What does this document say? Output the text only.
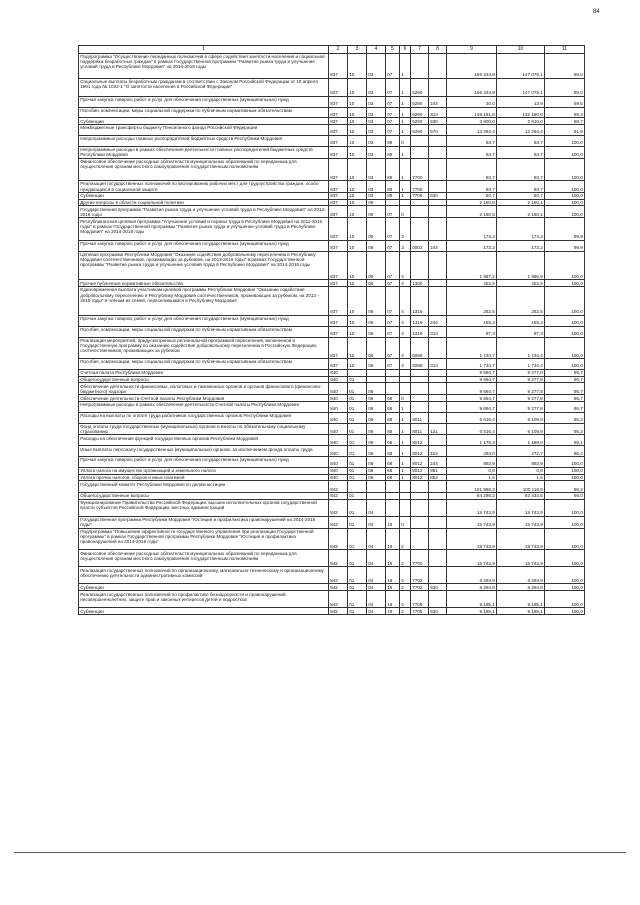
84
1	2	3	4	5	6	7	8	9	10	11
Подпрограмма "Осуществление переданных полномочий в сфере содействия занятости населения и социальная поддержка безработных граждан" в рамках Государственной программы "Развитие рынка труда и улучшение условий труда в Республике Мордовия" на 2014-2018 годы	837	10	03	07	1			165 334,9	147 079,1	89,0
Социальные выплаты безработным гражданам в соответствии с Законом Российской Федерации от 19 апреля 1991 года № 1032-1 "О занятости населения в Российской Федерации"	837	10	03	07	1	5290		165 334,9	147 079,1	89,0
Прочая закупка товаров, работ и услуг для обеспечения государственных (муниципальных) нужд	837	10	03	07	1	5290	244	20,0	13,9	69,5
Пособия, компенсации, меры социальной поддержки по публичным нормативным обязательствам	837	10	03	07	1	5290	313	148 181,8	132 180,6	89,2
Субвенции	837	10	03	07	1	5290	530	3 800,0	2 610,0	68,7
Межбюджетные трансферты бюджету Пенсионного фонда Российской Федерации	837	10	03	07	1	5290	570	13 363,4	12 284,4	91,9
Непрограммные расходы главных распорядителей бюджетных средств Республики Мордовия	837	10	03	89	0			93,7	93,7	100,0
Непрограммные расходы в рамках обеспечения деятельности главных распорядителей бюджетных средств Республики Мордовия	837	10	03	89	1			93,7	93,7	100,0
Финансовое обеспечение расходных обязательств муниципальных образований по переданным для осуществления органам местного самоуправления государственным полномочиям	837	10	03	89	1	7700		93,7	93,7	100,0
Реализация государственных полномочий по квотированию рабочих мест для трудоустройства граждан, особо нуждающихся в социальной защите	837	10	03	89	1	7706		93,7	93,7	100,0
Субвенции	837	10	03	89	1	7706	530	93,7	93,7	100,0
Другие вопросы в области социальной политики	837	10	06					2 160,5	2 160,1	100,0
Государственная программа "Развитие рынка труда и улучшение условий труда в Республике Мордовия" на 2014-2018 годы	837	10	06	07	0			2 160,5	2 160,1	100,0
Республиканская целевая программа "Улучшение условий и охраны труда в Республике Мордовия на 2011-2015 годы" в рамках Государственной программы "Развитие рынка труда и улучшение условий труда в Республике Мордовия" на 2014-2018 годы	837	10	06	07	3			173,3	173,2	99,9
Прочая закупка товаров, работ и услуг для обеспечения государственных (муниципальных) нужд	837	10	06	07	3	0003	244	173,3	173,2	99,9
Целевая программа Республики Мордовия "Оказание содействия добровольному переселению в Республику Мордовия соотечественников, проживающих за рубежом, на 2013-2018 годы" в рамках Государственной программы "Развитие рынка труда и улучшение условий труда в Республике Мордовия" на 2014-2018 годы	837	10	06	07	4			1 987,2	1 986,9	100,0
Прочие публичные нормативные обязательства	837	10	06	07	4	1300		252,5	252,5	100,0
Единовременная выплата участникам целевой программы Республики Мордовия "Оказание содействия добровольному переселению в Республику Мордовия соотечественников, проживающих за рубежом, на 2013 - 2015 годы" и членам их семей, переселившимся в Республику Мордовия	837	10	06	07	4	1319		252,5	252,5	100,0
Прочая закупка товаров, работ и услуг для обеспечения государственных (муниципальных) нужд	837	10	06	07	4	1319	244	165,2	165,2	100,0
Пособия, компенсации, меры социальной поддержки по публичным нормативным обязательствам	837	10	06	07	4	1319	313	87,3	87,3	100,0
Реализация мероприятий, предусмотренных региональной программой переселения, включенной в Государственную программу по оказанию содействия добровольному переселению в Российскую Федерацию соотечественников, проживающих за рубежом	837	10	06	07	4	5086		1 734,7	1 734,4	100,0
Пособия, компенсации, меры социальной поддержки по публичным нормативным обязательствам	837	10	06	07	4	5086	313	1 734,7	1 734,4	100,0
Счетная палата Республики Мордовия	840							9 694,7	9 277,8	95,7
Общегосударственные вопросы	840	01						9 694,7	9 277,8	95,7
Обеспечение деятельности финансовых, налоговых и таможенных органов и органов финансового (финансово-бюджетного) надзора	840	01	06					9 694,7	9 277,8	95,7
Обеспечение деятельности Счетной палаты Республики Мордовия	840	01	06	68	0			9 694,7	9 277,8	95,7
Непрограммные расходы в рамках обеспечения деятельности Счетной палаты Республики Мордовия	840	01	06	68	1			9 694,7	9 277,8	95,7
Расходы на выплаты по оплате труда работников государственных органов Республики Мордовия	840	01	06	68	1	8011		6 616,4	6 109,8	95,2
Фонд оплаты труда государственных (муниципальных) органов и взносы по обязательному социальному страхованию	840	01	06	68	1	8011	121	6 516,4	6 109,8	95,2
Расходы на обеспечение функций государственных органов Республики Мордовия	840	01	06	68	1	8012		1 178,3	1 168,0	99,1
Иные выплаты персоналу государственных (муниципальных) органов, за исключением фонда оплаты труда	840	01	06	68	1	8012	122	283,0	272,7	96,4
Прочая закупка товаров, работ и услуг для обеспечения государственных (муниципальных) нужд	840	01	06	68	1	8012	244	892,9	892,9	100,0
Уплата налога на имущество организаций и земельного налога	840	01	06	68	1	8012	851	0,8	0,8	100,0
Уплата прочих налогов, сборов и иных платежей	840	01	06	68	1	8012	852	1,6	1,6	100,0
Государственный комитет Республики Мордовия по делам юстиции	842							101 968,3	100 116,6	98,2
Общегосударственные вопросы	842	01						84 295,2	82 434,5	98,0
Функционирование Правительства Российской Федерации, высших исполнительных органов государственной власти субъектов Российской Федерации, местных администраций	842	01	04					15 743,9	15 743,9	100,0
Государственная программа Республики Мордовия "Юстиция и профилактика правонарушений на 2014-2018 годы"	842	01	04	19	0			15 743,9	15 743,9	100,0
Подпрограмма "Повышение эффективности государственного управления при реализации Государственной программы" в рамках Государственной программы Республики Мордовия "Юстиция и профилактика правонарушений на 2014-2018 годы"	842	01	04	19	2			15 743,9	15 743,9	100,0
Финансовое обеспечение расходных обязательств муниципальных образований по переданным для осуществления органам местного самоуправления государственным полномочиям	842	01	04	19	2	7700		15 743,9	15 743,9	100,0
Реализация государственных полномочий по организационному, материально-техническому и организационному обеспечению деятельности административных комиссий	842	01	04	19	2	7702		6 294,9	6 294,9	100,0
Субвенции	842	01	04	19	2	7702	530	6 294,9	6 294,9	100,0
Реализация государственных полномочий по профилактике безнадзорности и правонарушений несовершеннолетних, защите прав и законных интересов детей и подростков	842	01	04	19	2	7705		9 185,1	9 185,1	100,0
Субвенции	842	01	04	19	2	7705	530	9 185,1	9 185,1	100,0
